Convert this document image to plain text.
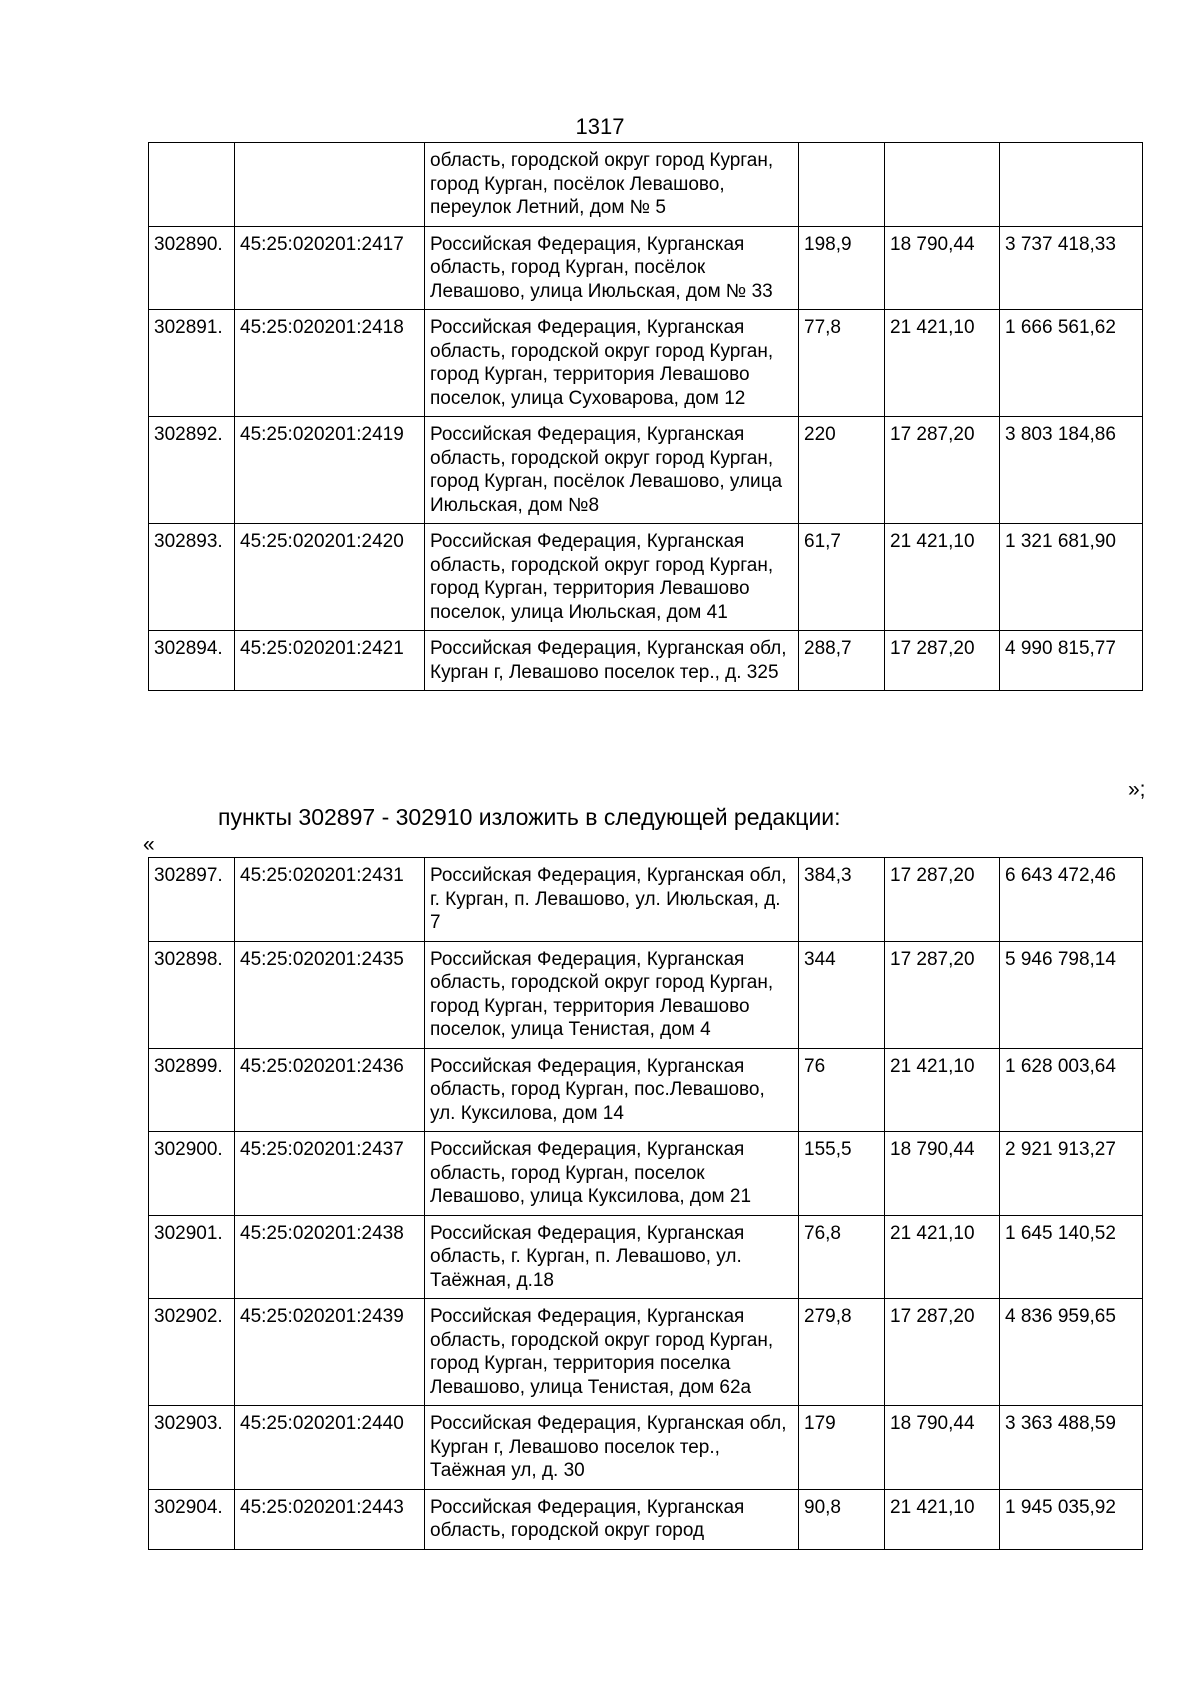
1317
		область, городской округ город Курган, город Курган, посёлок Левашово, переулок Летний, дом № 5			
302890.	45:25:020201:2417	Российская Федерация, Курганская область, город Курган, посёлок Левашово, улица Июльская, дом № 33	198,9	18 790,44	3 737 418,33
302891.	45:25:020201:2418	Российская Федерация, Курганская область, городской округ город Курган, город Курган, территория Левашово поселок, улица Суховарова, дом 12	77,8	21 421,10	1 666 561,62
302892.	45:25:020201:2419	Российская Федерация, Курганская область, городской округ город Курган, город Курган, посёлок Левашово, улица Июльская, дом №8	220	17 287,20	3 803 184,86
302893.	45:25:020201:2420	Российская Федерация, Курганская область, городской округ город Курган, город Курган, территория Левашово поселок, улица Июльская, дом 41	61,7	21 421,10	1 321 681,90
302894.	45:25:020201:2421	Российская Федерация, Курганская обл, Курган г, Левашово поселок тер., д. 325	288,7	17 287,20	4 990 815,77
»;
пункты 302897 - 302910 изложить в следующей редакции:
«
302897.	45:25:020201:2431	Российская Федерация, Курганская обл, г. Курган, п. Левашово, ул. Июльская, д. 7	384,3	17 287,20	6 643 472,46
302898.	45:25:020201:2435	Российская Федерация, Курганская область, городской округ город Курган, город Курган, территория Левашово поселок, улица Тенистая, дом 4	344	17 287,20	5 946 798,14
302899.	45:25:020201:2436	Российская Федерация, Курганская область, город Курган, пос.Левашово, ул. Куксилова, дом 14	76	21 421,10	1 628 003,64
302900.	45:25:020201:2437	Российская Федерация, Курганская область, город Курган, поселок Левашово, улица Куксилова, дом 21	155,5	18 790,44	2 921 913,27
302901.	45:25:020201:2438	Российская Федерация, Курганская область, г. Курган, п. Левашово, ул. Таёжная, д.18	76,8	21 421,10	1 645 140,52
302902.	45:25:020201:2439	Российская Федерация, Курганская область, городской округ город Курган, город Курган, территория поселка Левашово, улица Тенистая, дом 62а	279,8	17 287,20	4 836 959,65
302903.	45:25:020201:2440	Российская Федерация, Курганская обл, Курган г, Левашово поселок тер., Таёжная ул, д. 30	179	18 790,44	3 363 488,59
302904.	45:25:020201:2443	Российская Федерация, Курганская область, городской округ город	90,8	21 421,10	1 945 035,92
